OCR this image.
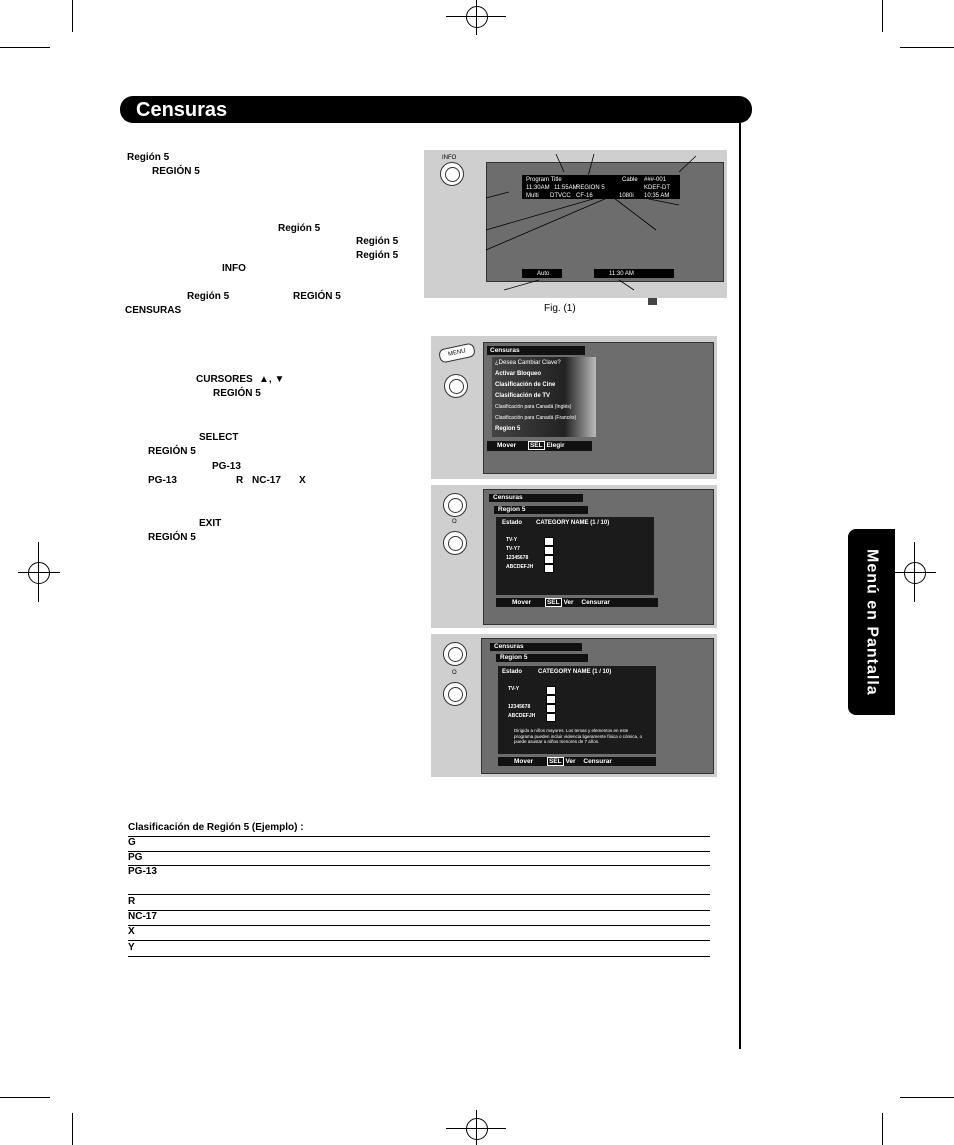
Censuras
Menú en Pantalla
Región 5
REGIÓN 5
Región 5
Región 5
Región 5
INFO
Región 5	REGIÓN 5
CENSURAS
CURSORES ▲, ▼
REGIÓN 5
SELECT
REGIÓN 5
PG-13
PG-13	R NC-17 X
EXIT
REGIÓN 5
INFO
Program Title	Cable ###-001
11:30AM 11:55AM
REGION 5	KDEF-DT
Multi DTVCC CF-16	1080i 10:35 AM
Auto	11:30 AM
Fig. (1)
MENU	Censuras
¿Desea Cambiar Clave?
Activar Bloqueo
Clasificación de Cine
Clasificación de TV
Clasificación para Canadá (Inglés)
Clasificación para Canadá (Francés)
Region 5
Mover SEL Elegir
O
Censuras
Region 5
Estado CATEGORY NAME (1 / 10)
TV-Y
TV-Y7
12345678
ABCDEFJH
Mover SEL Ver Censurar
O
Censuras
Region 5
Estado	CATEGORY NAME (1 / 10)
TV-Y
12345678
ABCDEFJH
Dirigido a niños mayores. Los temas y elementos en este programa pueden incluir violencia ligeramente física o cómica, o puede asustar a niños menores de 7 años.
Mover SEL Ver Censurar
Clasificación de Región 5 (Ejemplo) :
G
PG
PG-13
R
NC-17
X
Y
